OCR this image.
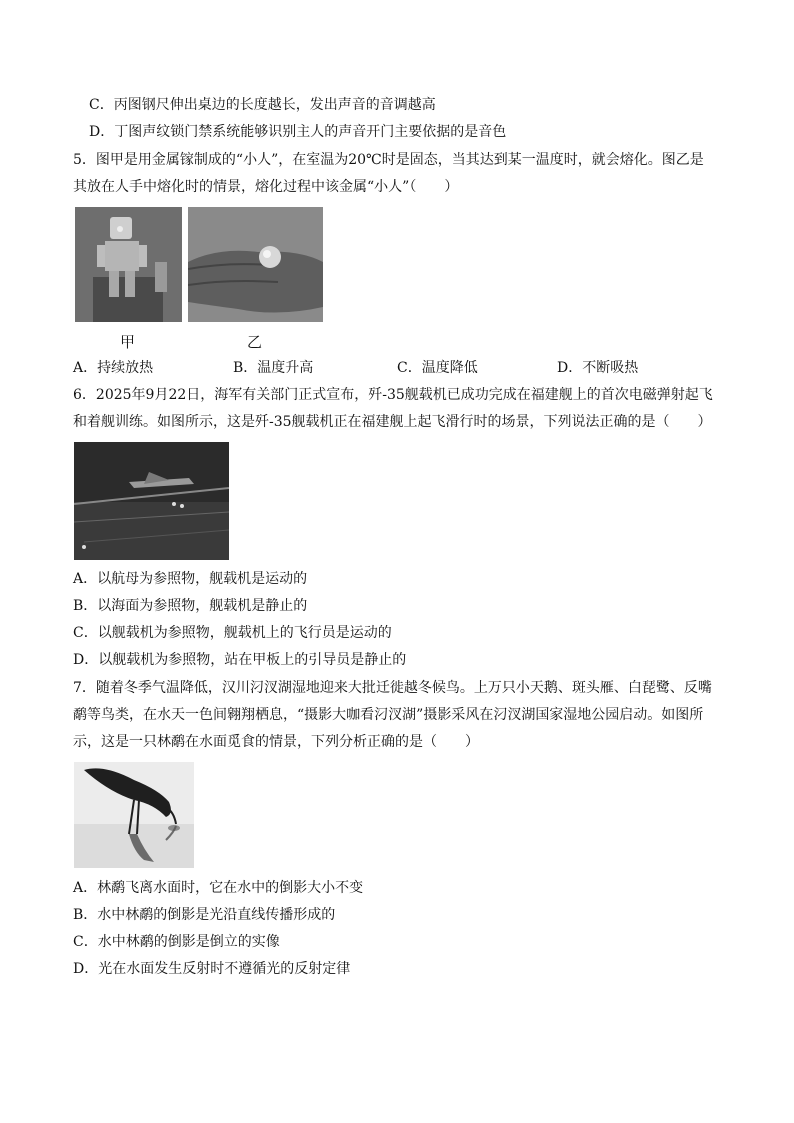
C．丙图钢尺伸出桌边的长度越长，发出声音的音调越高
D．丁图声纹锁门禁系统能够识别主人的声音开门主要依据的是音色
5．图甲是用金属镓制成的“小人”，在室温为20℃时是固态，当其达到某一温度时，就会熔化。图乙是
其放在人手中熔化时的情景，熔化过程中该金属“小人”（　　）
甲	乙
A．持续放热	B．温度升高	C．温度降低	D．不断吸热
6．2025年9月22日，海军有关部门正式宣布，歼-35舰载机已成功完成在福建舰上的首次电磁弹射起飞
和着舰训练。如图所示，这是歼-35舰载机正在福建舰上起飞滑行时的场景，下列说法正确的是（　　）
A．以航母为参照物，舰载机是运动的
B．以海面为参照物，舰载机是静止的
C．以舰载机为参照物，舰载机上的飞行员是运动的
D．以舰载机为参照物，站在甲板上的引导员是静止的
7．随着冬季气温降低，汉川汈汊湖湿地迎来大批迁徙越冬候鸟。上万只小天鹅、斑头雁、白琵鹭、反嘴
鹬等鸟类，在水天一色间翱翔栖息，“摄影大咖看汈汊湖”摄影采风在汈汊湖国家湿地公园启动。如图所
示，这是一只林鹬在水面觅食的情景，下列分析正确的是（　　）
A．林鹬飞离水面时，它在水中的倒影大小不变
B．水中林鹬的倒影是光沿直线传播形成的
C．水中林鹬的倒影是倒立的实像
D．光在水面发生反射时不遵循光的反射定律
